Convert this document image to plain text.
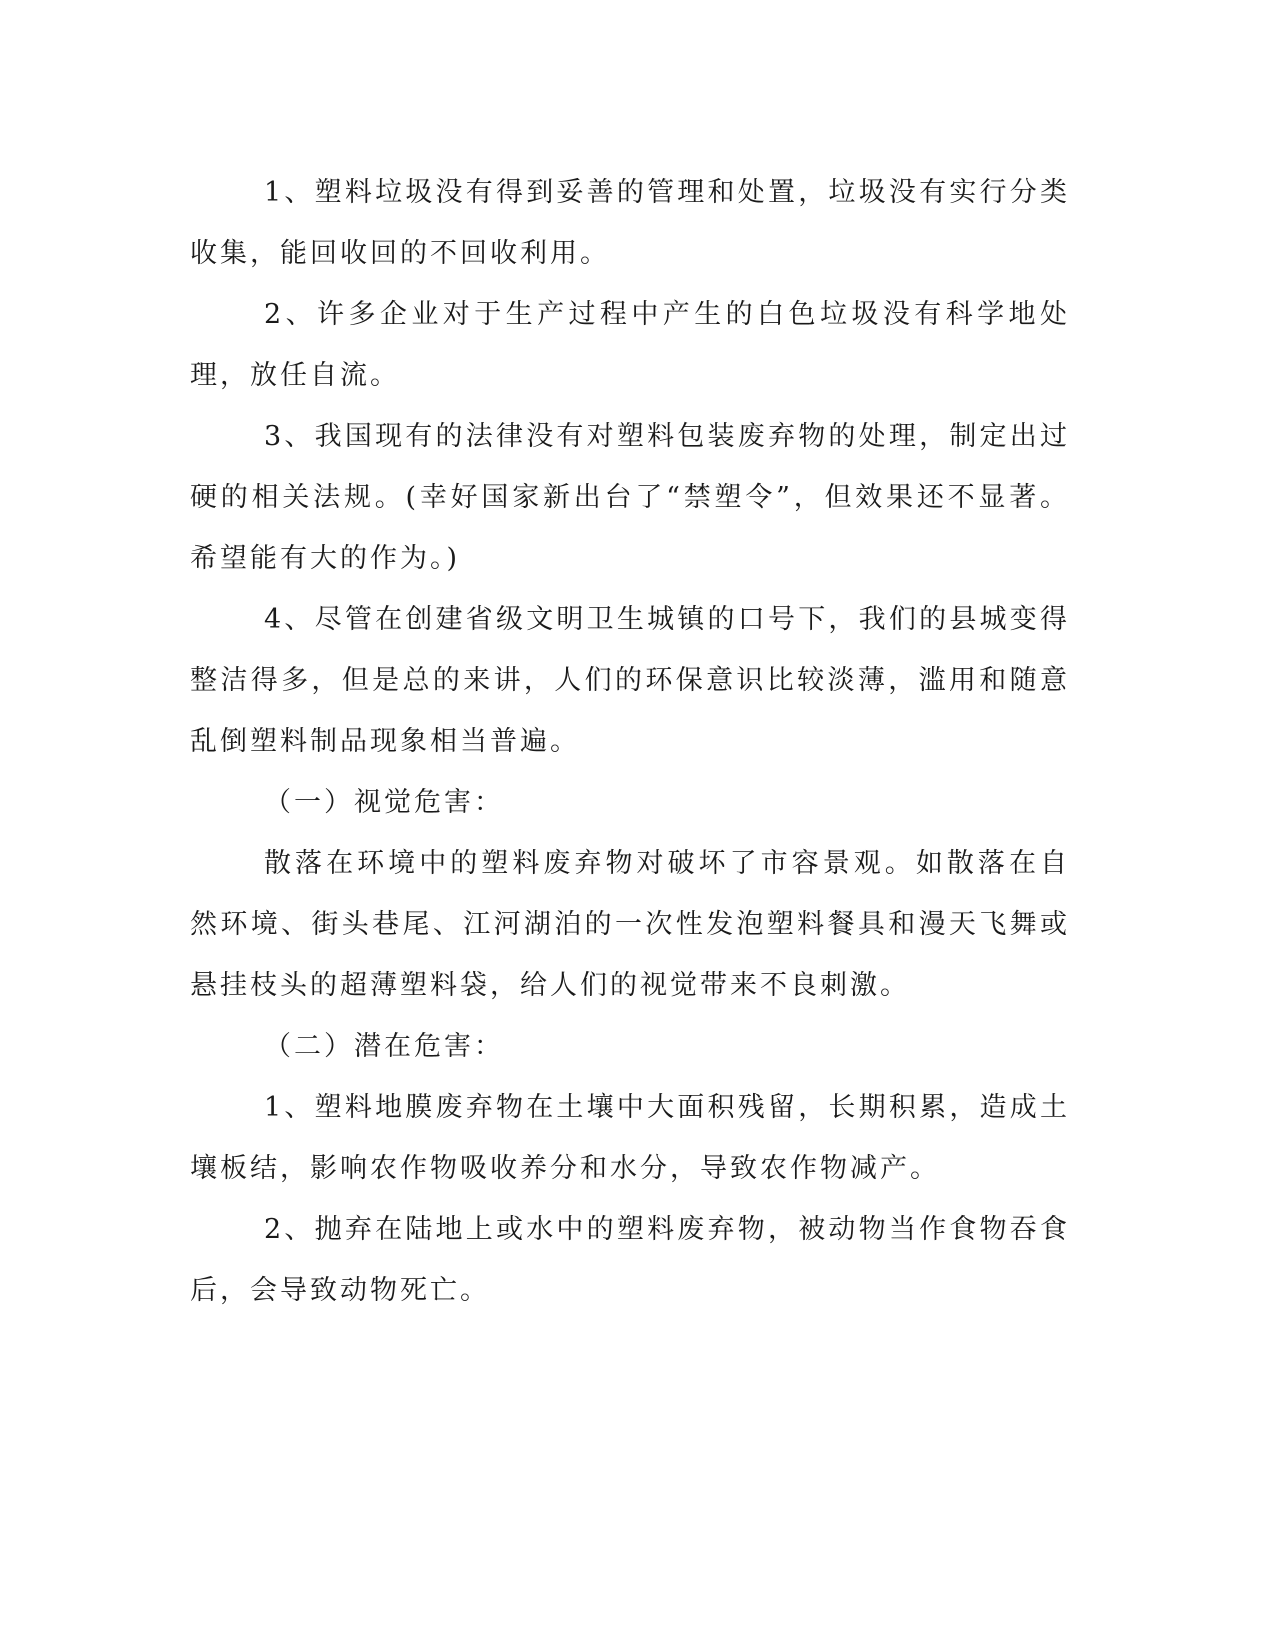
1、塑料垃圾没有得到妥善的管理和处置，垃圾没有实行分类收集，能回收回的不回收利用。

2、许多企业对于生产过程中产生的白色垃圾没有科学地处理，放任自流。

3、我国现有的法律没有对塑料包装废弃物的处理，制定出过硬的相关法规。(幸好国家新出台了“禁塑令”，但效果还不显著。希望能有大的作为。)

4、尽管在创建省级文明卫生城镇的口号下，我们的县城变得整洁得多，但是总的来讲，人们的环保意识比较淡薄，滥用和随意乱倒塑料制品现象相当普遍。

（一）视觉危害：

散落在环境中的塑料废弃物对破坏了市容景观。如散落在自然环境、街头巷尾、江河湖泊的一次性发泡塑料餐具和漫天飞舞或悬挂枝头的超薄塑料袋，给人们的视觉带来不良刺激。

（二）潜在危害：

1、塑料地膜废弃物在土壤中大面积残留，长期积累，造成土壤板结，影响农作物吸收养分和水分，导致农作物减产。

2、抛弃在陆地上或水中的塑料废弃物，被动物当作食物吞食后，会导致动物死亡。
